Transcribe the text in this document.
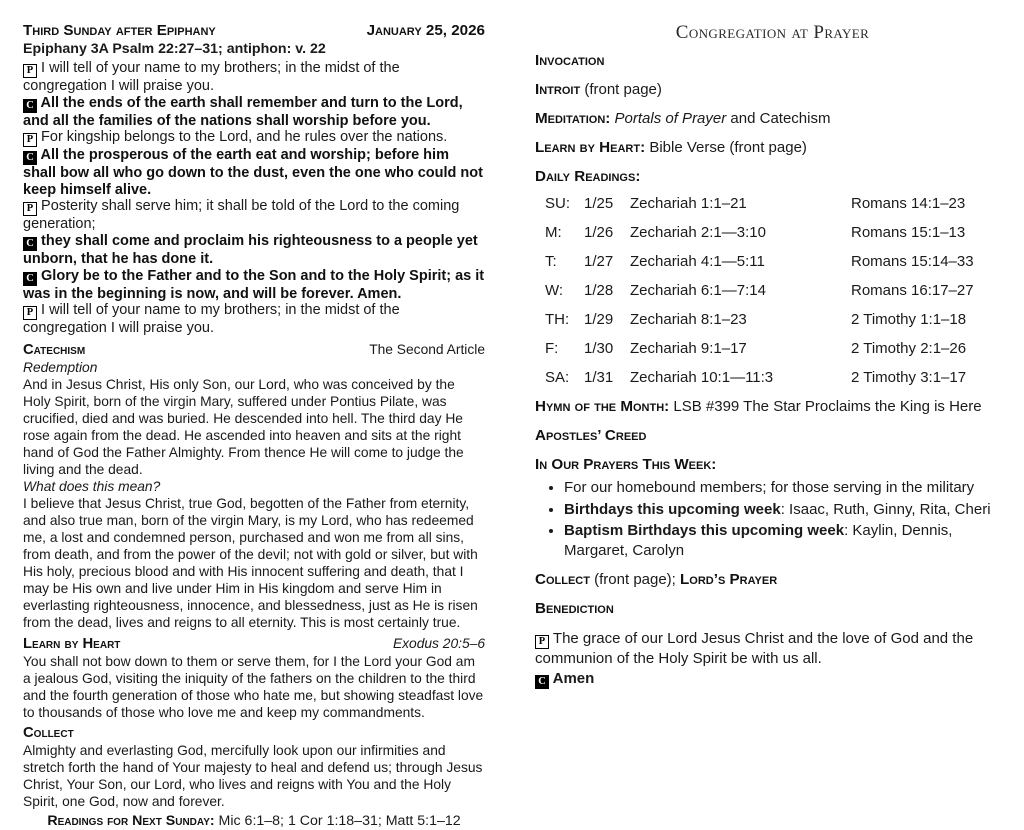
Third Sunday after Epiphany	January 25, 2026
Epiphany 3A Psalm 22:27–31; antiphon: v. 22

P I will tell of your name to my brothers; in the midst of the congregation I will praise you.

C All the ends of the earth shall remember and turn to the Lord, and all the families of the nations shall worship before you.

P For kingship belongs to the Lord, and he rules over the nations.

C All the prosperous of the earth eat and worship; before him shall bow all who go down to the dust, even the one who could not keep himself alive.

P Posterity shall serve him; it shall be told of the Lord to the coming generation;

C they shall come and proclaim his righteousness to a people yet unborn, that he has done it.

C Glory be to the Father and to the Son and to the Holy Spirit; as it was in the beginning is now, and will be forever. Amen.

P I will tell of your name to my brothers; in the midst of the congregation I will praise you.

Catechism	The Second Article
Redemption

And in Jesus Christ, His only Son, our Lord, who was conceived by the Holy Spirit, born of the virgin Mary, suffered under Pontius Pilate, was crucified, died and was buried. He descended into hell. The third day He rose again from the dead. He ascended into heaven and sits at the right hand of God the Father Almighty. From thence He will come to judge the living and the dead.

What does this mean?

I believe that Jesus Christ, true God, begotten of the Father from eternity, and also true man, born of the virgin Mary, is my Lord, who has redeemed me, a lost and condemned person, purchased and won me from all sins, from death, and from the power of the devil; not with gold or silver, but with His holy, precious blood and with His innocent suffering and death, that I may be His own and live under Him in His kingdom and serve Him in everlasting righteousness, innocence, and blessedness, just as He is risen from the dead, lives and reigns to all eternity. This is most certainly true.

Learn by Heart	Exodus 20:5–6

You shall not bow down to them or serve them, for I the Lord your God am a jealous God, visiting the iniquity of the fathers on the children to the third and the fourth generation of those who hate me, but showing steadfast love to thousands of those who love me and keep my commandments.

Collect

Almighty and everlasting God, mercifully look upon our infirmities and stretch forth the hand of Your majesty to heal and defend us; through Jesus Christ, Your Son, our Lord, who lives and reigns with You and the Holy Spirit, one God, now and forever.

Readings for Next Sunday: Mic 6:1–8; 1 Cor 1:18–31; Matt 5:1–12
Congregation at Prayer

Invocation

Introit (front page)

Meditation: Portals of Prayer and Catechism

Learn by Heart: Bible Verse (front page)

Daily Readings:

SU: 1/25	Zechariah 1:1–21	Romans 14:1–23
M:	1/26	Zechariah 2:1—3:10	Romans 15:1–13
T:	1/27	Zechariah 4:1—5:11	Romans 15:14–33
W:	1/28	Zechariah 6:1—7:14	Romans 16:17–27
TH: 1/29	Zechariah 8:1–23	2 Timothy 1:1–18
F:	1/30	Zechariah 9:1–17	2 Timothy 2:1–26
SA: 1/31	Zechariah 10:1—11:3	2 Timothy 3:1–17

Hymn of the Month: LSB #399 The Star Proclaims the King is Here

Apostles’ Creed

In Our Prayers This Week:

• For our homebound members; for those serving in the military
• Birthdays this upcoming week: Isaac, Ruth, Ginny, Rita, Cheri
• Baptism Birthdays this upcoming week: Kaylin, Dennis, Margaret, Carolyn

Collect (front page); Lord’s Prayer

Benediction

P The grace of our Lord Jesus Christ and the love of God and the communion of the Holy Spirit be with us all.

C Amen
